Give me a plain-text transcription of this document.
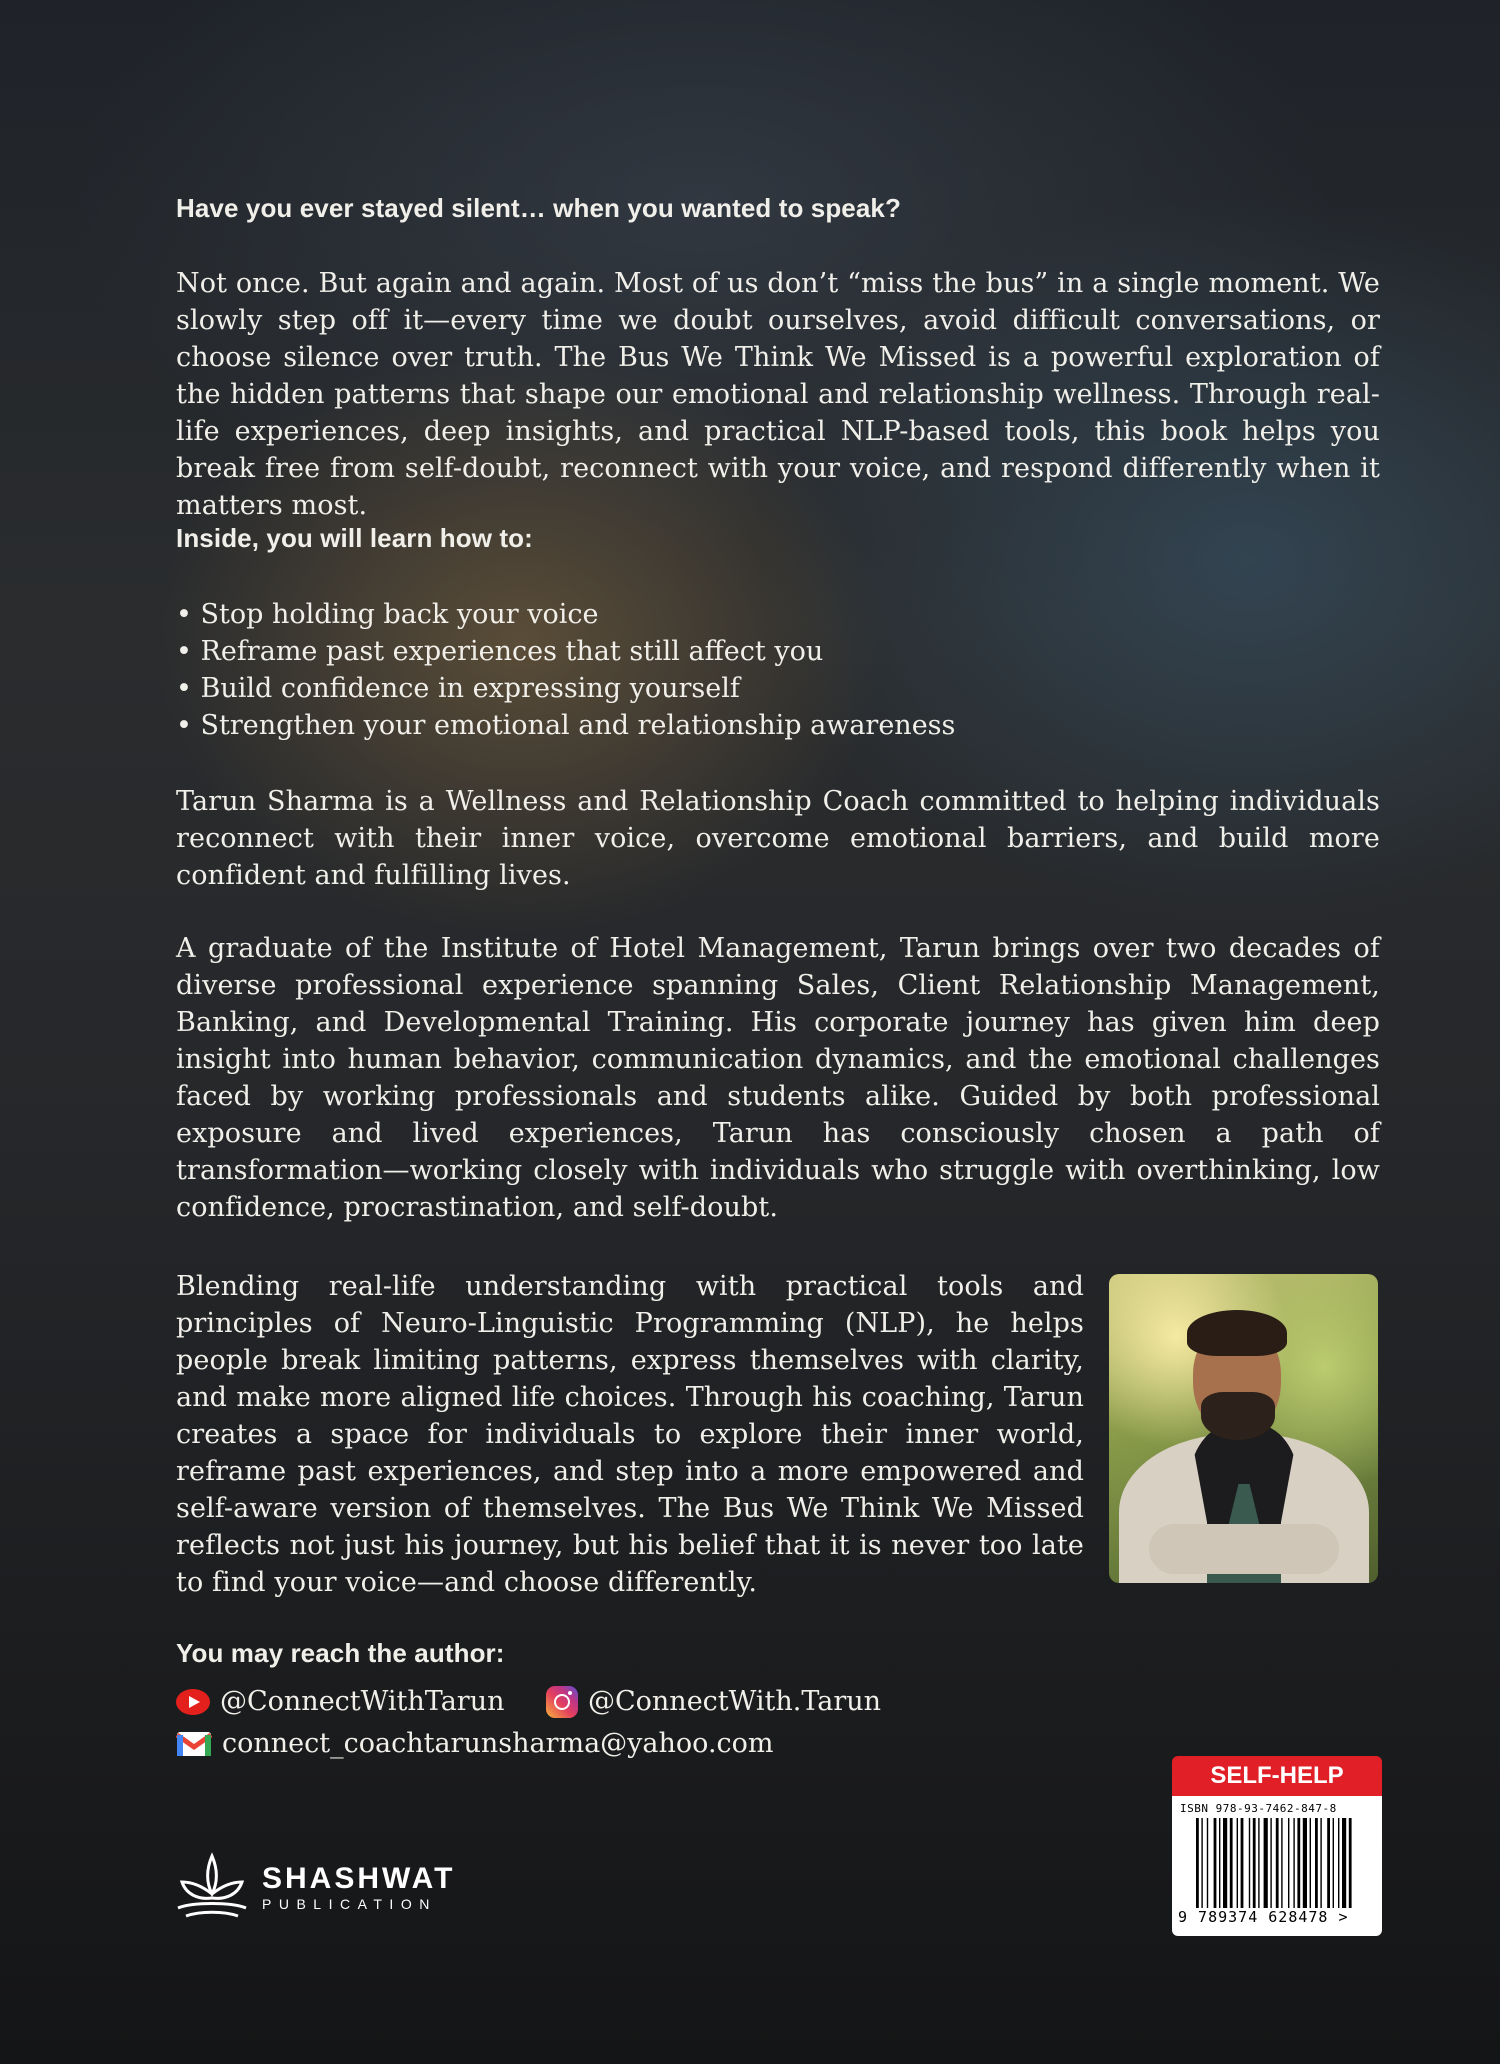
Have you ever stayed silent… when you wanted to speak?

Not once. But again and again. Most of us don’t “miss the bus” in a single moment. We slowly step off it—every time we doubt ourselves, avoid difficult conversations, or choose silence over truth. The Bus We Think We Missed is a powerful exploration of the hidden patterns that shape our emotional and relationship wellness. Through real-life experiences, deep insights, and practical NLP-based tools, this book helps you break free from self-doubt, reconnect with your voice, and respond differently when it matters most.

Inside, you will learn how to:

• Stop holding back your voice
• Reframe past experiences that still affect you
• Build confidence in expressing yourself
• Strengthen your emotional and relationship awareness

Tarun Sharma is a Wellness and Relationship Coach committed to helping individuals reconnect with their inner voice, overcome emotional barriers, and build more confident and fulfilling lives.

A graduate of the Institute of Hotel Management, Tarun brings over two decades of diverse professional experience spanning Sales, Client Relationship Management, Banking, and Developmental Training. His corporate journey has given him deep insight into human behavior, communication dynamics, and the emotional challenges faced by working professionals and students alike. Guided by both professional exposure and lived experiences, Tarun has consciously chosen a path of transformation—working closely with individuals who struggle with overthinking, low confidence, procrastination, and self-doubt.

Blending real-life understanding with practical tools and principles of Neuro-Linguistic Programming (NLP), he helps people break limiting patterns, express themselves with clarity, and make more aligned life choices. Through his coaching, Tarun creates a space for individuals to explore their inner world, reframe past experiences, and step into a more empowered and self-aware version of themselves. The Bus We Think We Missed reflects not just his journey, but his belief that it is never too late to find your voice—and choose differently.

You may reach the author:

@ConnectWithTarun	@ConnectWith.Tarun
connect_coachtarunsharma@yahoo.com
SHASHWAT
PUBLICATION
SELF-HELP
ISBN 978-93-7462-847-8
9 789374 628478 >
